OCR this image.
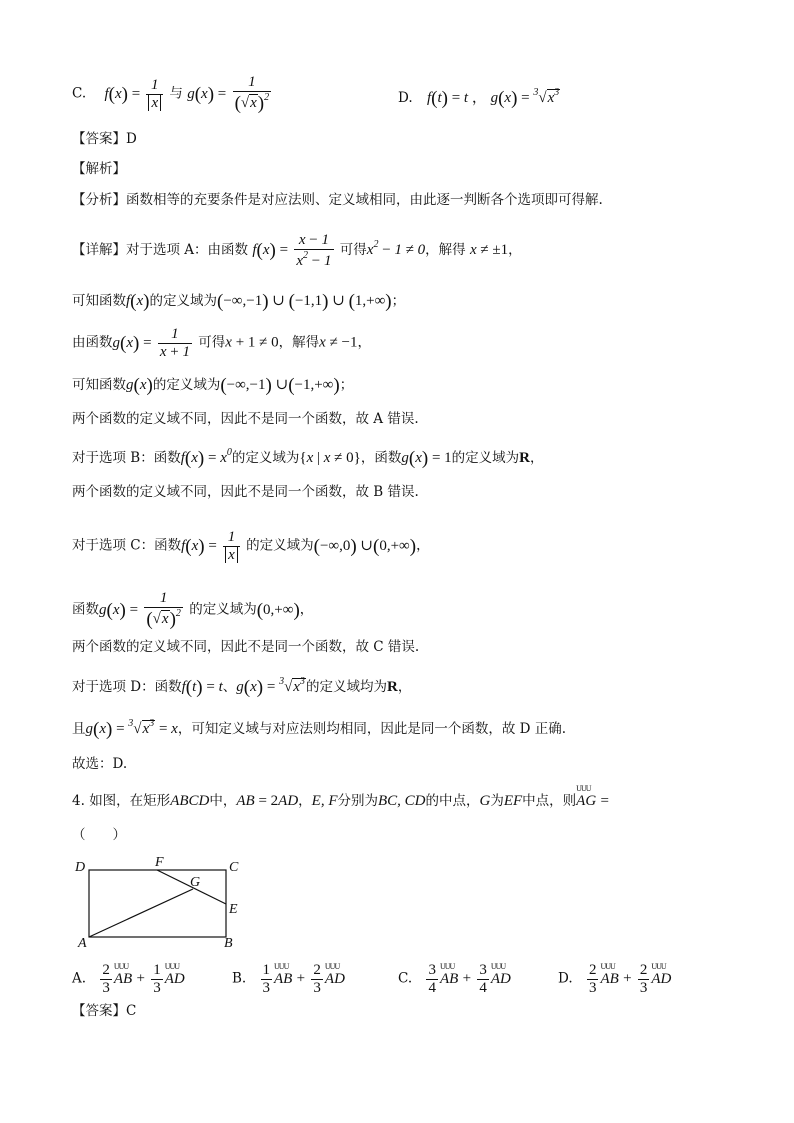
C. $f(x) = \frac{1}{x}$ 与 $g(x) = \frac{1}{(√x)^2}$	D. f(t) = t ， $g(x) = ^3√x^3$
【答案】D
【解析】
【分析】函数相等的充要条件是对应法则、定义域相同，由此逐一判断各个选项即可得解.
【详解】对于选项 A：由函数 $f(x) = \frac{x - 1}{x^2 - 1}$ 可得$x^2 - 1 \ne 0$，解得 x ≠ ±1，
可知函数f(x)的定义域为(−∞,−1) ∪ (−1,1) ∪ (1,+∞)；
由函数$g(x) = \frac{1}{x + 1}$ 可得x + 1 ≠ 0，解得x ≠ −1，
可知函数g(x)的定义域为(−∞,−1) ∪(−1,+∞)；
两个函数的定义域不同，因此不是同一个函数，故 A 错误.
对于选项 B：函数$f(x) = x^0$的定义域为{x | x ≠ 0}，函数g(x) = 1的定义域为R，
两个函数的定义域不同，因此不是同一个函数，故 B 错误.
对于选项 C：函数$f(x) = \frac{1}{x}$ 的定义域为(−∞,0) ∪(0,+∞)，
函数$g(x) = \frac{1}{(√x)^2}$ 的定义域为(0,+∞)，
两个函数的定义域不同，因此不是同一个函数，故 C 错误.
对于选项 D：函数f(t) = t、$g(x) = ^3√x^3$的定义域均为R，
且$g(x) = ^3√x^3 = x$，可知定义域与对应法则均相同，因此是同一个函数，故 D 正确.
故选：D.
4. 如图，在矩形ABCD中，AB = 2AD，E, F分别为BC, CD的中点，G为EF中点，则UUU AG =
（　　）
D	F	C
G
E
A	B
A. $\frac{2}{3}$ UUU AB + $\frac{1}{3}$ UUU AD	B. $\frac{1}{3}$ UUU AB + $\frac{2}{3}$ UUU AD	C. $\frac{3}{4}$ UUU AB + $\frac{3}{4}$ UUU AD	D. $\frac{2}{3}$ UUU AB + $\frac{2}{3}$ UUU AD
【答案】C
